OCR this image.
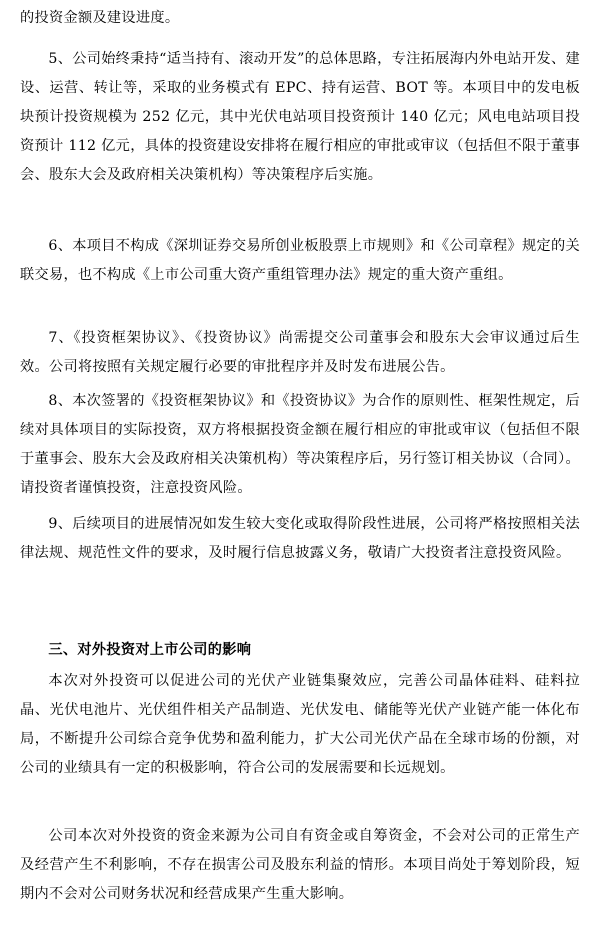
的投资金额及建设进度。

5、公司始终秉持“适当持有、滚动开发”的总体思路，专注拓展海内外电站开发、建设、运营、转让等，采取的业务模式有 EPC、持有运营、BOT 等。本项目中的发电板块预计投资规模为 252 亿元，其中光伏电站项目投资预计 140 亿元；风电电站项目投资预计 112 亿元，具体的投资建设安排将在履行相应的审批或审议（包括但不限于董事会、股东大会及政府相关决策机构）等决策程序后实施。

6、本项目不构成《深圳证券交易所创业板股票上市规则》和《公司章程》规定的关联交易，也不构成《上市公司重大资产重组管理办法》规定的重大资产重组。

7、《投资框架协议》、《投资协议》尚需提交公司董事会和股东大会审议通过后生效。公司将按照有关规定履行必要的审批程序并及时发布进展公告。

8、本次签署的《投资框架协议》和《投资协议》为合作的原则性、框架性规定，后续对具体项目的实际投资，双方将根据投资金额在履行相应的审批或审议（包括但不限于董事会、股东大会及政府相关决策机构）等决策程序后，另行签订相关协议（合同）。请投资者谨慎投资，注意投资风险。

9、后续项目的进展情况如发生较大变化或取得阶段性进展，公司将严格按照相关法律法规、规范性文件的要求，及时履行信息披露义务，敬请广大投资者注意投资风险。

三、对外投资对上市公司的影响

本次对外投资可以促进公司的光伏产业链集聚效应，完善公司晶体硅料、硅料拉晶、光伏电池片、光伏组件相关产品制造、光伏发电、储能等光伏产业链产能一体化布局，不断提升公司综合竞争优势和盈利能力，扩大公司光伏产品在全球市场的份额，对公司的业绩具有一定的积极影响，符合公司的发展需要和长远规划。

公司本次对外投资的资金来源为公司自有资金或自筹资金，不会对公司的正常生产及经营产生不利影响，不存在损害公司及股东利益的情形。本项目尚处于筹划阶段，短期内不会对公司财务状况和经营成果产生重大影响。
